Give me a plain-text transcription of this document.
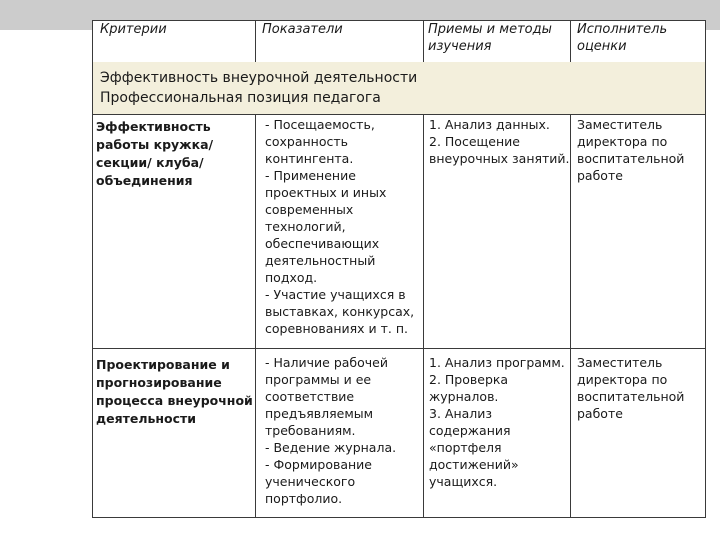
Критерии	Показатели	Приемы и методы
изучения
Исполнитель
оценки
Эффективность внеурочной деятельности
Профессиональная позиция педагога
Эффективность
работы кружка/
секции/ клуба/
объединения
- Посещаемость,
сохранность
контингента.
- Применение
проектных и иных
современных
технологий,
обеспечивающих
деятельностный
подход.
- Участие учащихся в
выставках, конкурсах,
соревнованиях и т. п.
1. Анализ данных.
2. Посещение
внеурочных занятий.
Заместитель
директора по
воспитательной
работе
Проектирование и
прогнозирование
процесса внеурочной
деятельности
- Наличие рабочей
программы и ее
соответствие
предъявляемым
требованиям.
- Ведение журнала.
- Формирование
ученического
портфолио.
1. Анализ программ.
2. Проверка
журналов.
3. Анализ
содержания
«портфеля
достижений»
учащихся.
Заместитель
директора по
воспитательной
работе
